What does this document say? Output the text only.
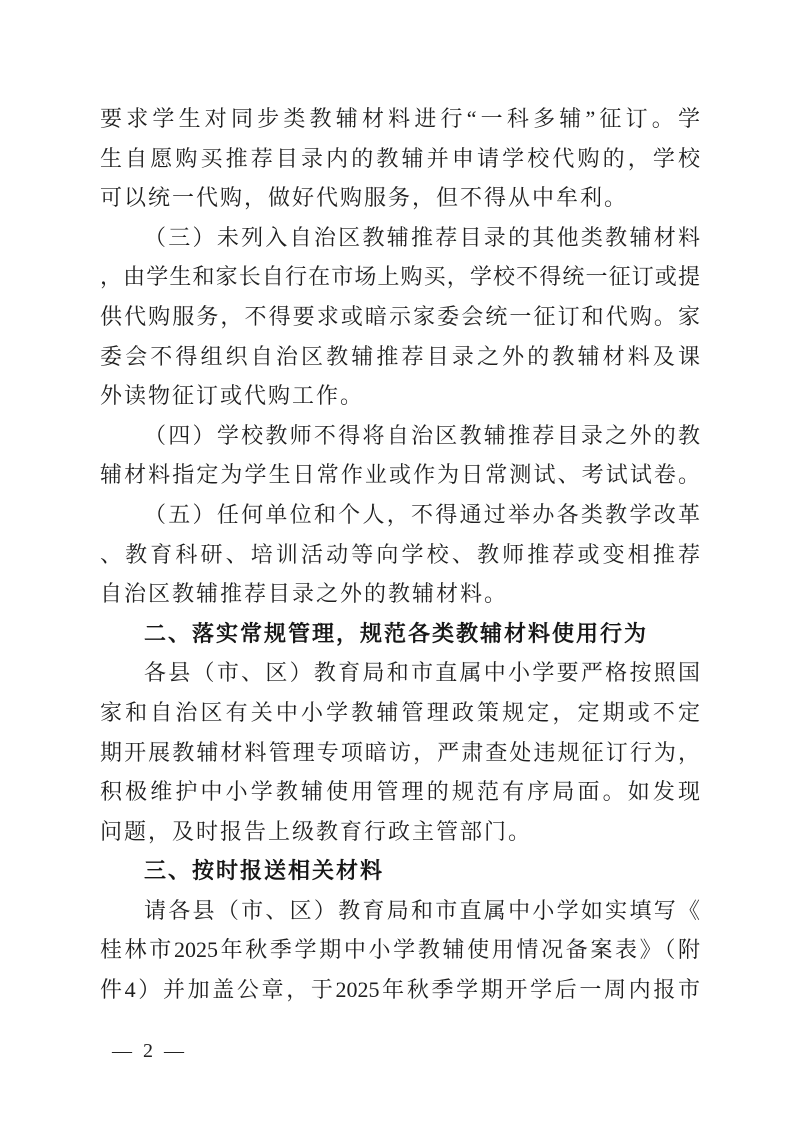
要求学生对同步类教辅材料进行“一科多辅”征订。学
生自愿购买推荐目录内的教辅并申请学校代购的，学校
可以统一代购，做好代购服务，但不得从中牟利。
（三）未列入自治区教辅推荐目录的其他类教辅材料
，由学生和家长自行在市场上购买，学校不得统一征订或提
供代购服务，不得要求或暗示家委会统一征订和代购。家
委会不得组织自治区教辅推荐目录之外的教辅材料及课
外读物征订或代购工作。
（四）学校教师不得将自治区教辅推荐目录之外的教
辅材料指定为学生日常作业或作为日常测试、考试试卷。
（五）任何单位和个人，不得通过举办各类教学改革
、教育科研、培训活动等向学校、教师推荐或变相推荐
自治区教辅推荐目录之外的教辅材料。
二、落实常规管理，规范各类教辅材料使用行为
各县（市、区）教育局和市直属中小学要严格按照国
家和自治区有关中小学教辅管理政策规定，定期或不定
期开展教辅材料管理专项暗访，严肃查处违规征订行为，
积极维护中小学教辅使用管理的规范有序局面。如发现
问题，及时报告上级教育行政主管部门。
三、按时报送相关材料
请各县（市、区）教育局和市直属中小学如实填写《
桂林市2025年秋季学期中小学教辅使用情况备案表》（附
件4）并加盖公章，于2025年秋季学期开学后一周内报市
— 2 —
